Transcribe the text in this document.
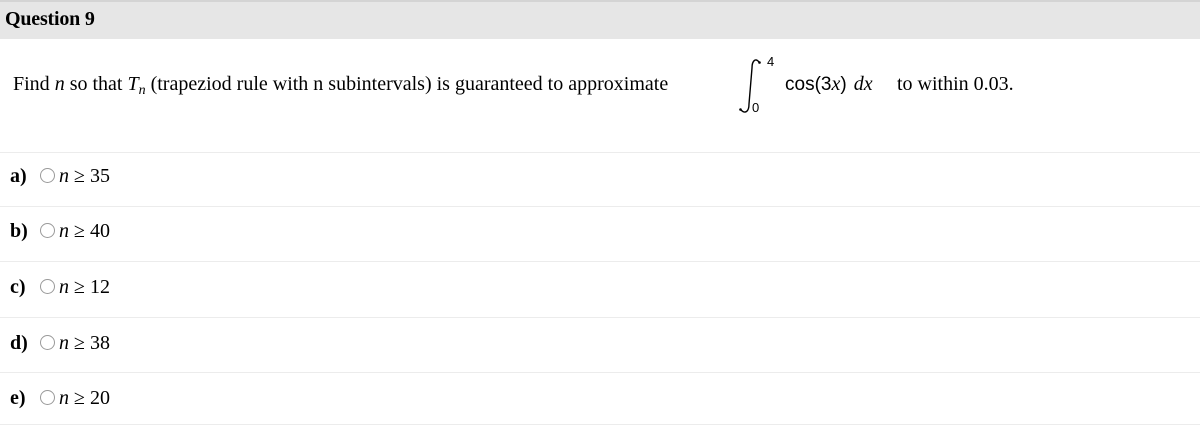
Question 9
Find n so that $T_n$ (trapeziod rule with n subintervals) is guaranteed to approximate
4
0
cos(3x) dx to within 0.03.
a) n ≥ 35
b) n ≥ 40
c) n ≥ 12
d) n ≥ 38
e) n ≥ 20
